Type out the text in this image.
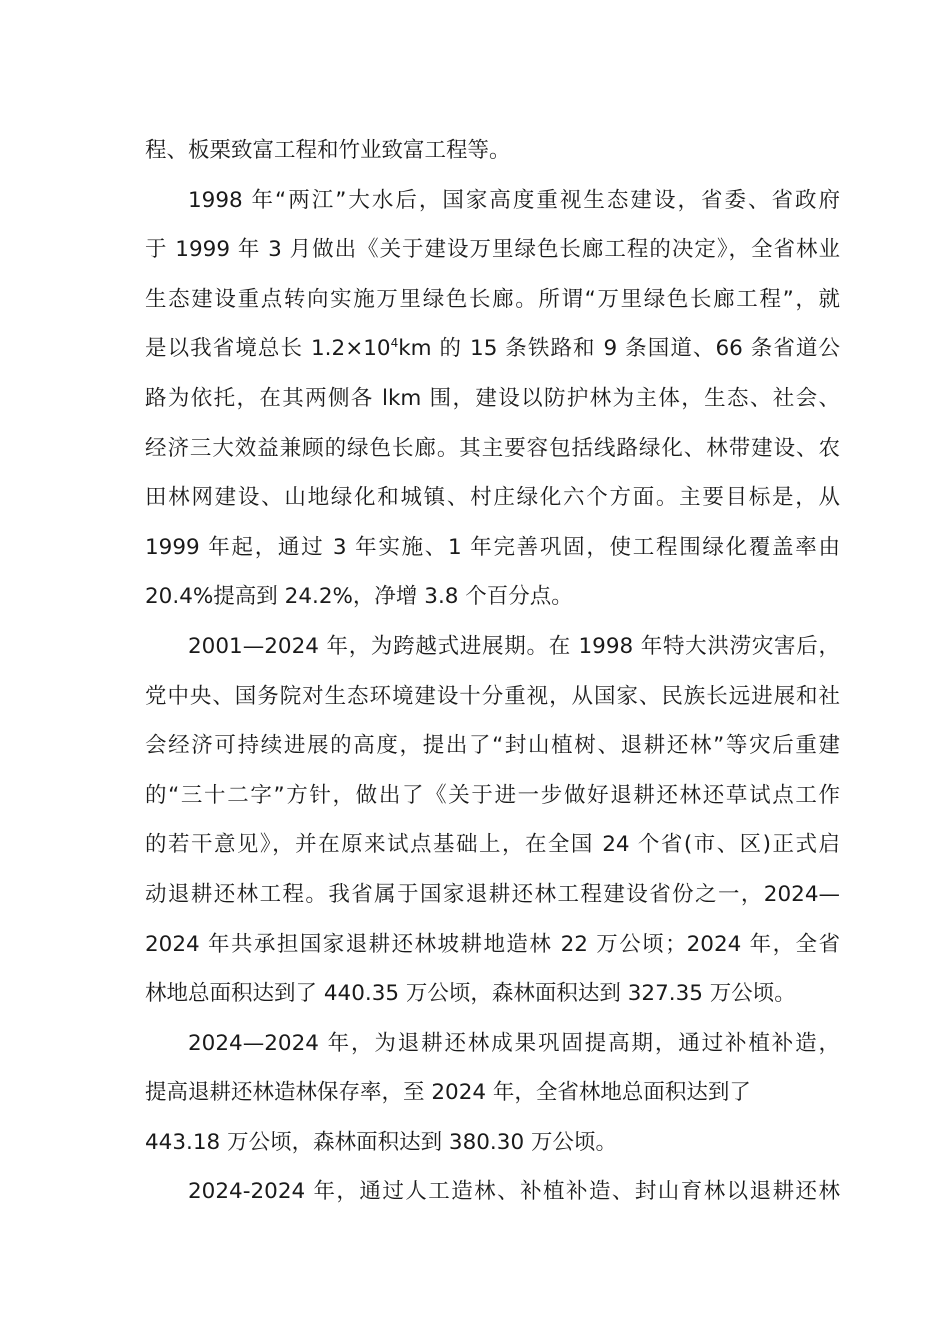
程、板栗致富工程和竹业致富工程等。
1998 年“两江”大水后，国家高度重视生态建设，省委、省政府
于 1999 年 3 月做出《关于建设万里绿色长廊工程的决定》，全省林业
生态建设重点转向实施万里绿色长廊。所谓“万里绿色长廊工程”，就
是以我省境总长 $1.2\times 10^4km$ 的 15 条铁路和 9 条国道、66 条省道公
路为依托，在其两侧各 lkm 围，建设以防护林为主体，生态、社会、
经济三大效益兼顾的绿色长廊。其主要容包括线路绿化、林带建设、农
田林网建设、山地绿化和城镇、村庄绿化六个方面。主要目标是，从
1999 年起，通过 3 年实施、1 年完善巩固，使工程围绿化覆盖率由
20.4%提高到 24.2%，净增 3.8 个百分点。
2001—2024 年，为跨越式进展期。在 1998 年特大洪涝灾害后，
党中央、国务院对生态环境建设十分重视，从国家、民族长远进展和社
会经济可持续进展的高度，提出了“封山植树、退耕还林”等灾后重建
的“三十二字”方针，做出了《关于进一步做好退耕还林还草试点工作
的若干意见》，并在原来试点基础上，在全国 24 个省(市、区)正式启
动退耕还林工程。我省属于国家退耕还林工程建设省份之一，2024—
2024 年共承担国家退耕还林坡耕地造林 22 万公顷；2024 年，全省
林地总面积达到了 440.35 万公顷，森林面积达到 327.35 万公顷。
2024—2024 年，为退耕还林成果巩固提高期，通过补植补造，
提高退耕还林造林保存率，至 2024 年，全省林地总面积达到了
443.18 万公顷，森林面积达到 380.30 万公顷。
2024-2024 年，通过人工造林、补植补造、封山育林以退耕还林
